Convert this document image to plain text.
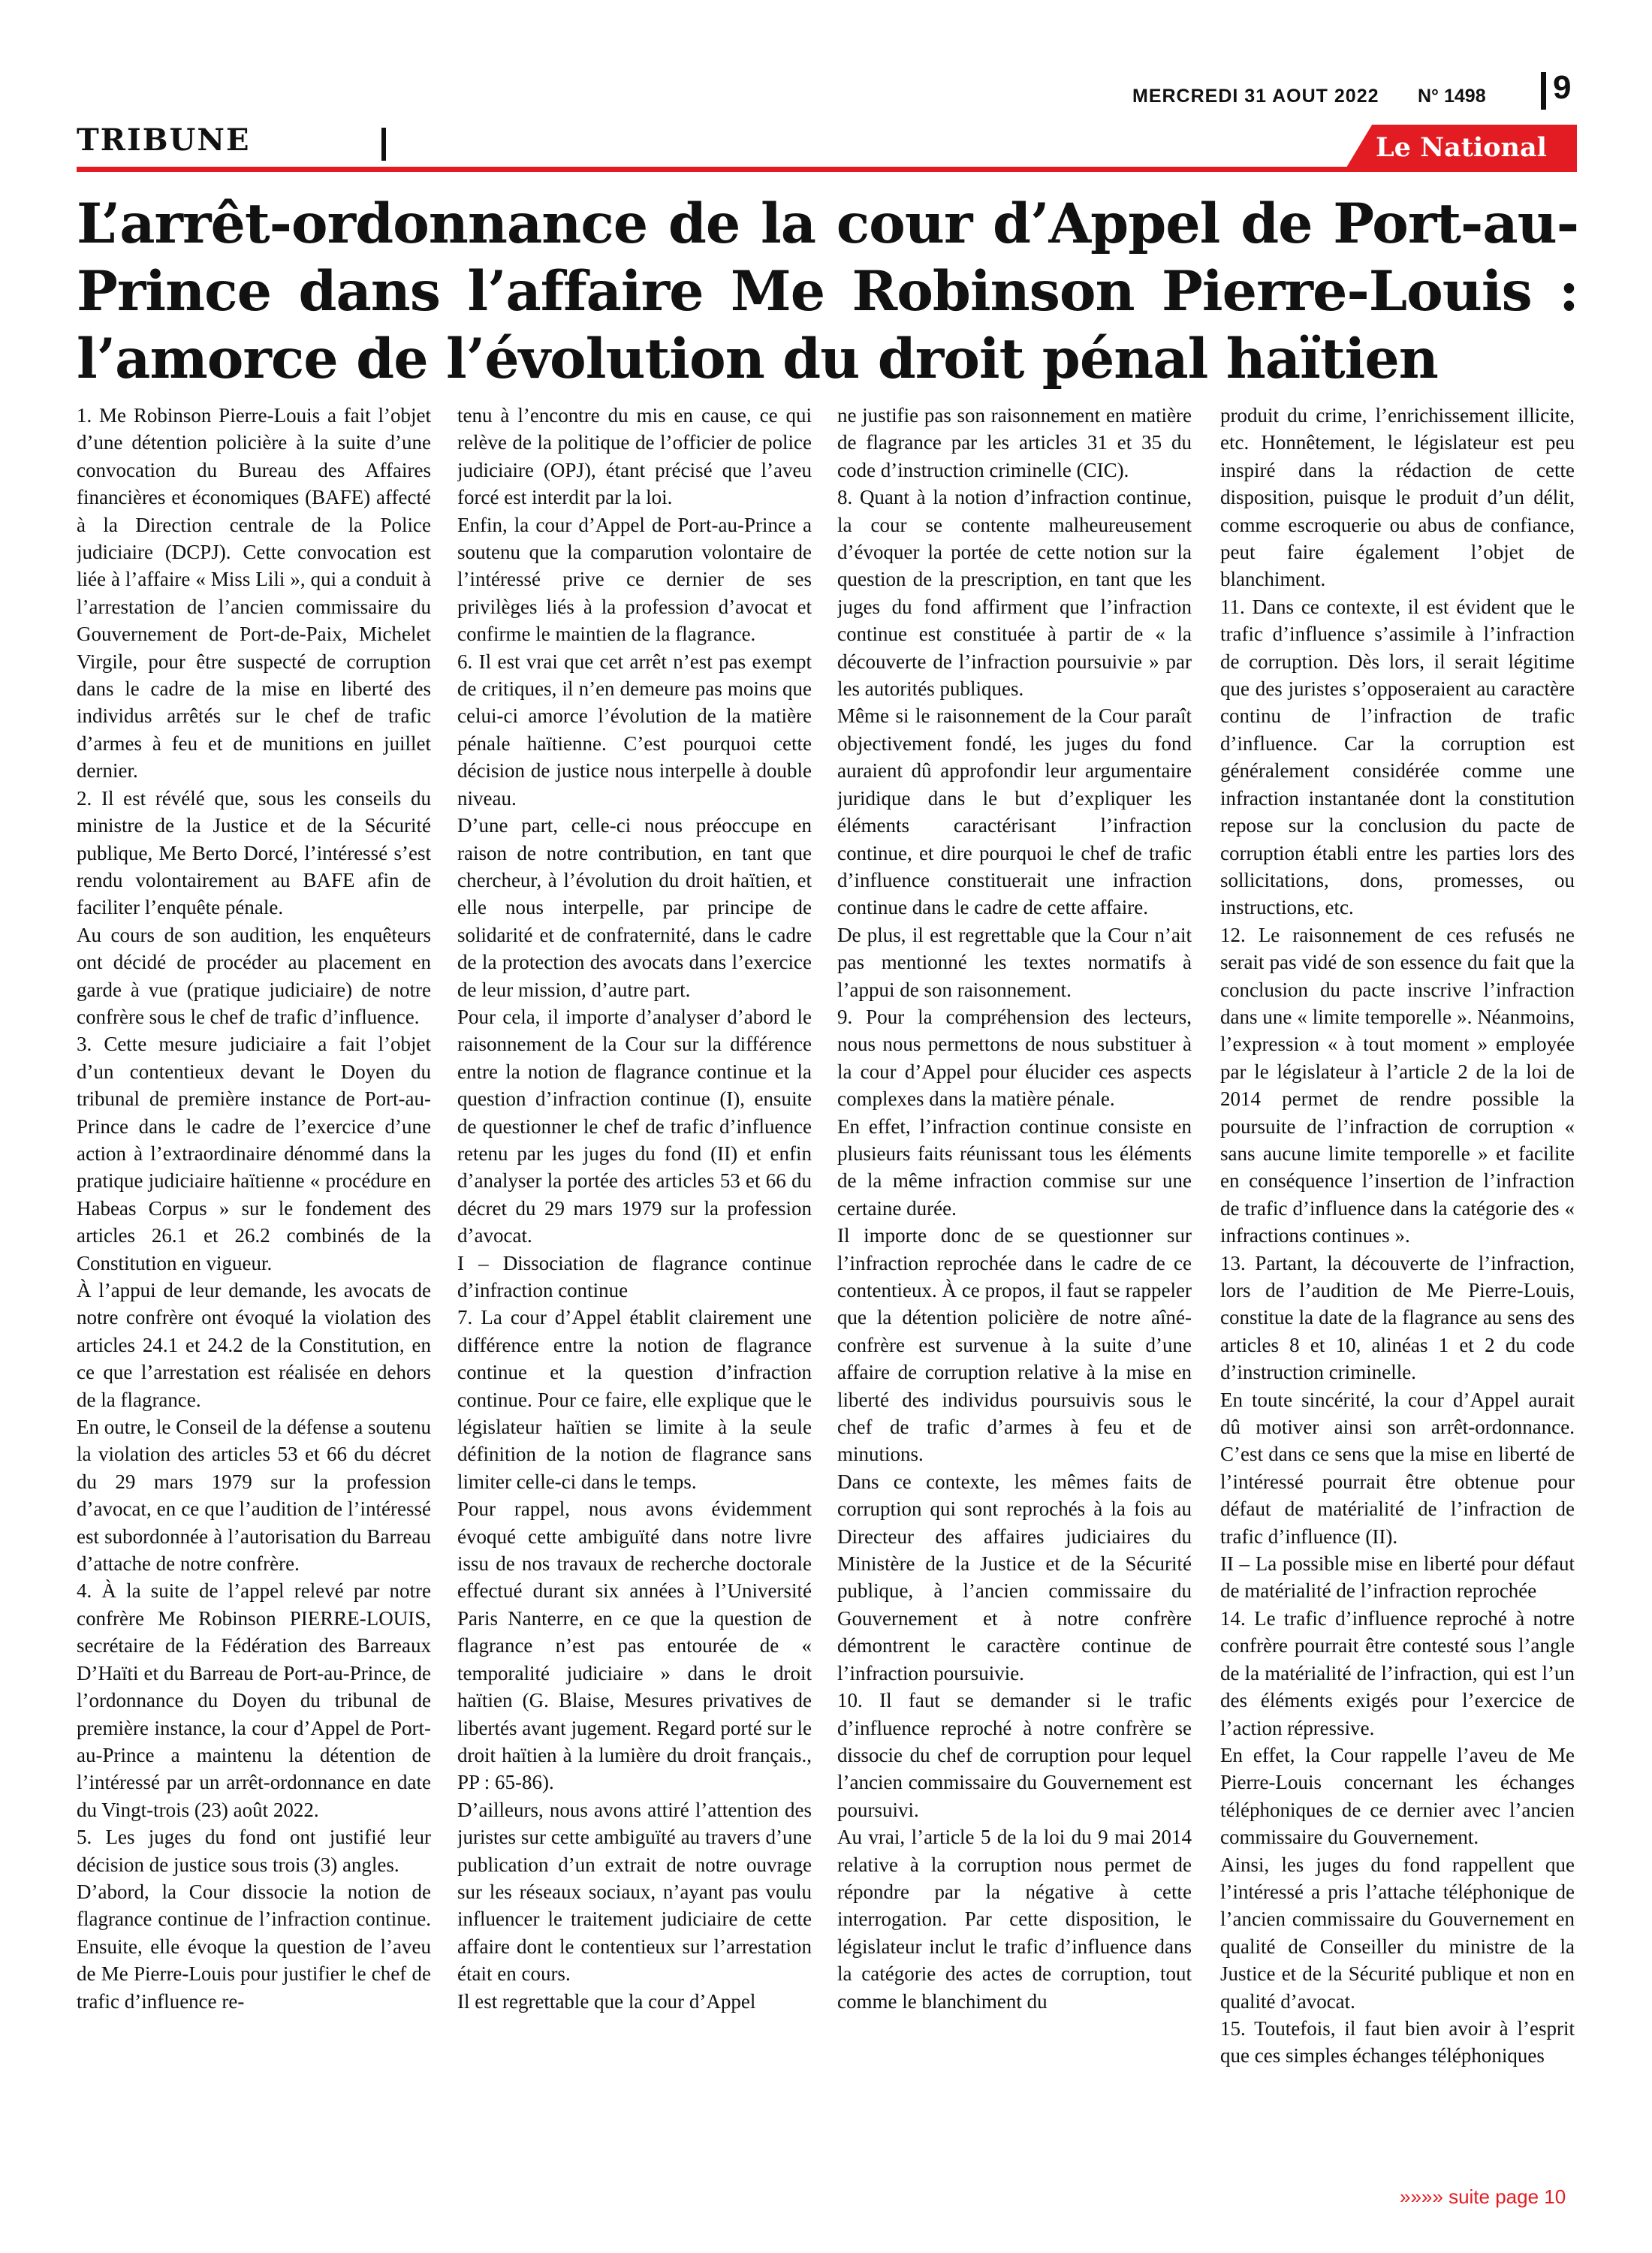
MERCREDI 31 AOUT 2022 N° 1498 9
TRIBUNE	Le National
L’arrêt-ordonnance de la cour d’Appel de Port-au-Prince dans l’affaire Me Robinson Pierre-Louis : l’amorce de l’évolution du droit pénal haïtien

1. Me Robinson Pierre-Louis a fait l’objet d’une détention policière à la suite d’une convocation du Bureau des Affaires financières et économiques (BAFE) affecté à la Direction centrale de la Police judiciaire (DCPJ). Cette convocation est liée à l’affaire « Miss Lili », qui a conduit à l’arrestation de l’ancien commissaire du Gouvernement de Port-de-Paix, Michelet Virgile, pour être suspecté de corruption dans le cadre de la mise en liberté des individus arrêtés sur le chef de trafic d’armes à feu et de munitions en juillet dernier.

2. Il est révélé que, sous les conseils du ministre de la Justice et de la Sécurité publique, Me Berto Dorcé, l’intéressé s’est rendu volontairement au BAFE afin de faciliter l’enquête pénale.

Au cours de son audition, les enquêteurs ont décidé de procéder au placement en garde à vue (pratique judiciaire) de notre confrère sous le chef de trafic d’influence.

3. Cette mesure judiciaire a fait l’objet d’un contentieux devant le Doyen du tribunal de première instance de Port-au-Prince dans le cadre de l’exercice d’une action à l’extraordinaire dénommé dans la pratique judiciaire haïtienne « procédure en Habeas Corpus » sur le fondement des articles 26.1 et 26.2 combinés de la Constitution en vigueur.

À l’appui de leur demande, les avocats de notre confrère ont évoqué la violation des articles 24.1 et 24.2 de la Constitution, en ce que l’arrestation est réalisée en dehors de la flagrance.

En outre, le Conseil de la défense a soutenu la violation des articles 53 et 66 du décret du 29 mars 1979 sur la profession d’avocat, en ce que l’audition de l’intéressé est subordonnée à l’autorisation du Barreau d’attache de notre confrère.

4. À la suite de l’appel relevé par notre confrère Me Robinson PIERRE-LOUIS, secrétaire de la Fédération des Barreaux D’Haïti et du Barreau de Port-au-Prince, de l’ordonnance du Doyen du tribunal de première instance, la cour d’Appel de Port-au-Prince a maintenu la détention de l’intéressé par un arrêt-ordonnance en date du Vingt-trois (23) août 2022.

5. Les juges du fond ont justifié leur décision de justice sous trois (3) angles.

D’abord, la Cour dissocie la notion de flagrance continue de l’infraction continue. Ensuite, elle évoque la question de l’aveu de Me Pierre-Louis pour justifier le chef de trafic d’influence re-

tenu à l’encontre du mis en cause, ce qui relève de la politique de l’officier de police judiciaire (OPJ), étant précisé que l’aveu forcé est interdit par la loi.

Enfin, la cour d’Appel de Port-au-Prince a soutenu que la comparution volontaire de l’intéressé prive ce dernier de ses privilèges liés à la profession d’avocat et confirme le maintien de la flagrance.

6. Il est vrai que cet arrêt n’est pas exempt de critiques, il n’en demeure pas moins que celui-ci amorce l’évolution de la matière pénale haïtienne. C’est pourquoi cette décision de justice nous interpelle à double niveau.

D’une part, celle-ci nous préoccupe en raison de notre contribution, en tant que chercheur, à l’évolution du droit haïtien, et elle nous interpelle, par principe de solidarité et de confraternité, dans le cadre de la protection des avocats dans l’exercice de leur mission, d’autre part.

Pour cela, il importe d’analyser d’abord le raisonnement de la Cour sur la différence entre la notion de flagrance continue et la question d’infraction continue (I), ensuite de questionner le chef de trafic d’influence retenu par les juges du fond (II) et enfin d’analyser la portée des articles 53 et 66 du décret du 29 mars 1979 sur la profession d’avocat.

I – Dissociation de flagrance continue d’infraction continue

7. La cour d’Appel établit clairement une différence entre la notion de flagrance continue et la question d’infraction continue. Pour ce faire, elle explique que le législateur haïtien se limite à la seule définition de la notion de flagrance sans limiter celle-ci dans le temps.

Pour rappel, nous avons évidemment évoqué cette ambiguïté dans notre livre issu de nos travaux de recherche doctorale effectué durant six années à l’Université Paris Nanterre, en ce que la question de flagrance n’est pas entourée de « temporalité judiciaire » dans le droit haïtien (G. Blaise, Mesures privatives de libertés avant jugement. Regard porté sur le droit haïtien à la lumière du droit français., PP : 65-86).

D’ailleurs, nous avons attiré l’attention des juristes sur cette ambiguïté au travers d’une publication d’un extrait de notre ouvrage sur les réseaux sociaux, n’ayant pas voulu influencer le traitement judiciaire de cette affaire dont le contentieux sur l’arrestation était en cours.

Il est regrettable que la cour d’Appel

ne justifie pas son raisonnement en matière de flagrance par les articles 31 et 35 du code d’instruction criminelle (CIC).

8. Quant à la notion d’infraction continue, la cour se contente malheureusement d’évoquer la portée de cette notion sur la question de la prescription, en tant que les juges du fond affirment que l’infraction continue est constituée à partir de « la découverte de l’infraction poursuivie » par les autorités publiques.

Même si le raisonnement de la Cour paraît objectivement fondé, les juges du fond auraient dû approfondir leur argumentaire juridique dans le but d’expliquer les éléments caractérisant l’infraction continue, et dire pourquoi le chef de trafic d’influence constituerait une infraction continue dans le cadre de cette affaire.

De plus, il est regrettable que la Cour n’ait pas mentionné les textes normatifs à l’appui de son raisonnement.

9. Pour la compréhension des lecteurs, nous nous permettons de nous substituer à la cour d’Appel pour élucider ces aspects complexes dans la matière pénale.

En effet, l’infraction continue consiste en plusieurs faits réunissant tous les éléments de la même infraction commise sur une certaine durée.

Il importe donc de se questionner sur l’infraction reprochée dans le cadre de ce contentieux. À ce propos, il faut se rappeler que la détention policière de notre aîné-confrère est survenue à la suite d’une affaire de corruption relative à la mise en liberté des individus poursuivis sous le chef de trafic d’armes à feu et de minutions.

Dans ce contexte, les mêmes faits de corruption qui sont reprochés à la fois au Directeur des affaires judiciaires du Ministère de la Justice et de la Sécurité publique, à l’ancien commissaire du Gouvernement et à notre confrère démontrent le caractère continue de l’infraction poursuivie.

10. Il faut se demander si le trafic d’influence reproché à notre confrère se dissocie du chef de corruption pour lequel l’ancien commissaire du Gouvernement est poursuivi.

Au vrai, l’article 5 de la loi du 9 mai 2014 relative à la corruption nous permet de répondre par la négative à cette interrogation. Par cette disposition, le législateur inclut le trafic d’influence dans la catégorie des actes de corruption, tout comme le blanchiment du

produit du crime, l’enrichissement illicite, etc. Honnêtement, le législateur est peu inspiré dans la rédaction de cette disposition, puisque le produit d’un délit, comme escroquerie ou abus de confiance, peut faire également l’objet de blanchiment.

11. Dans ce contexte, il est évident que le trafic d’influence s’assimile à l’infraction de corruption. Dès lors, il serait légitime que des juristes s’opposeraient au caractère continu de l’infraction de trafic d’influence. Car la corruption est généralement considérée comme une infraction instantanée dont la constitution repose sur la conclusion du pacte de corruption établi entre les parties lors des sollicitations, dons, promesses, ou instructions, etc.

12. Le raisonnement de ces refusés ne serait pas vidé de son essence du fait que la conclusion du pacte inscrive l’infraction dans une « limite temporelle ». Néanmoins, l’expression « à tout moment » employée par le législateur à l’article 2 de la loi de 2014 permet de rendre possible la poursuite de l’infraction de corruption « sans aucune limite temporelle » et facilite en conséquence l’insertion de l’infraction de trafic d’influence dans la catégorie des « infractions continues ».

13. Partant, la découverte de l’infraction, lors de l’audition de Me Pierre-Louis, constitue la date de la flagrance au sens des articles 8 et 10, alinéas 1 et 2 du code d’instruction criminelle.

En toute sincérité, la cour d’Appel aurait dû motiver ainsi son arrêt-ordonnance. C’est dans ce sens que la mise en liberté de l’intéressé pourrait être obtenue pour défaut de matérialité de l’infraction de trafic d’influence (II).

II – La possible mise en liberté pour défaut de matérialité de l’infraction reprochée

14. Le trafic d’influence reproché à notre confrère pourrait être contesté sous l’angle de la matérialité de l’infraction, qui est l’un des éléments exigés pour l’exercice de l’action répressive.

En effet, la Cour rappelle l’aveu de Me Pierre-Louis concernant les échanges téléphoniques de ce dernier avec l’ancien commissaire du Gouvernement.

Ainsi, les juges du fond rappellent que l’intéressé a pris l’attache téléphonique de l’ancien commissaire du Gouvernement en qualité de Conseiller du ministre de la Justice et de la Sécurité publique et non en qualité d’avocat.

15. Toutefois, il faut bien avoir à l’esprit que ces simples échanges téléphoniques

»»»» suite page 10
